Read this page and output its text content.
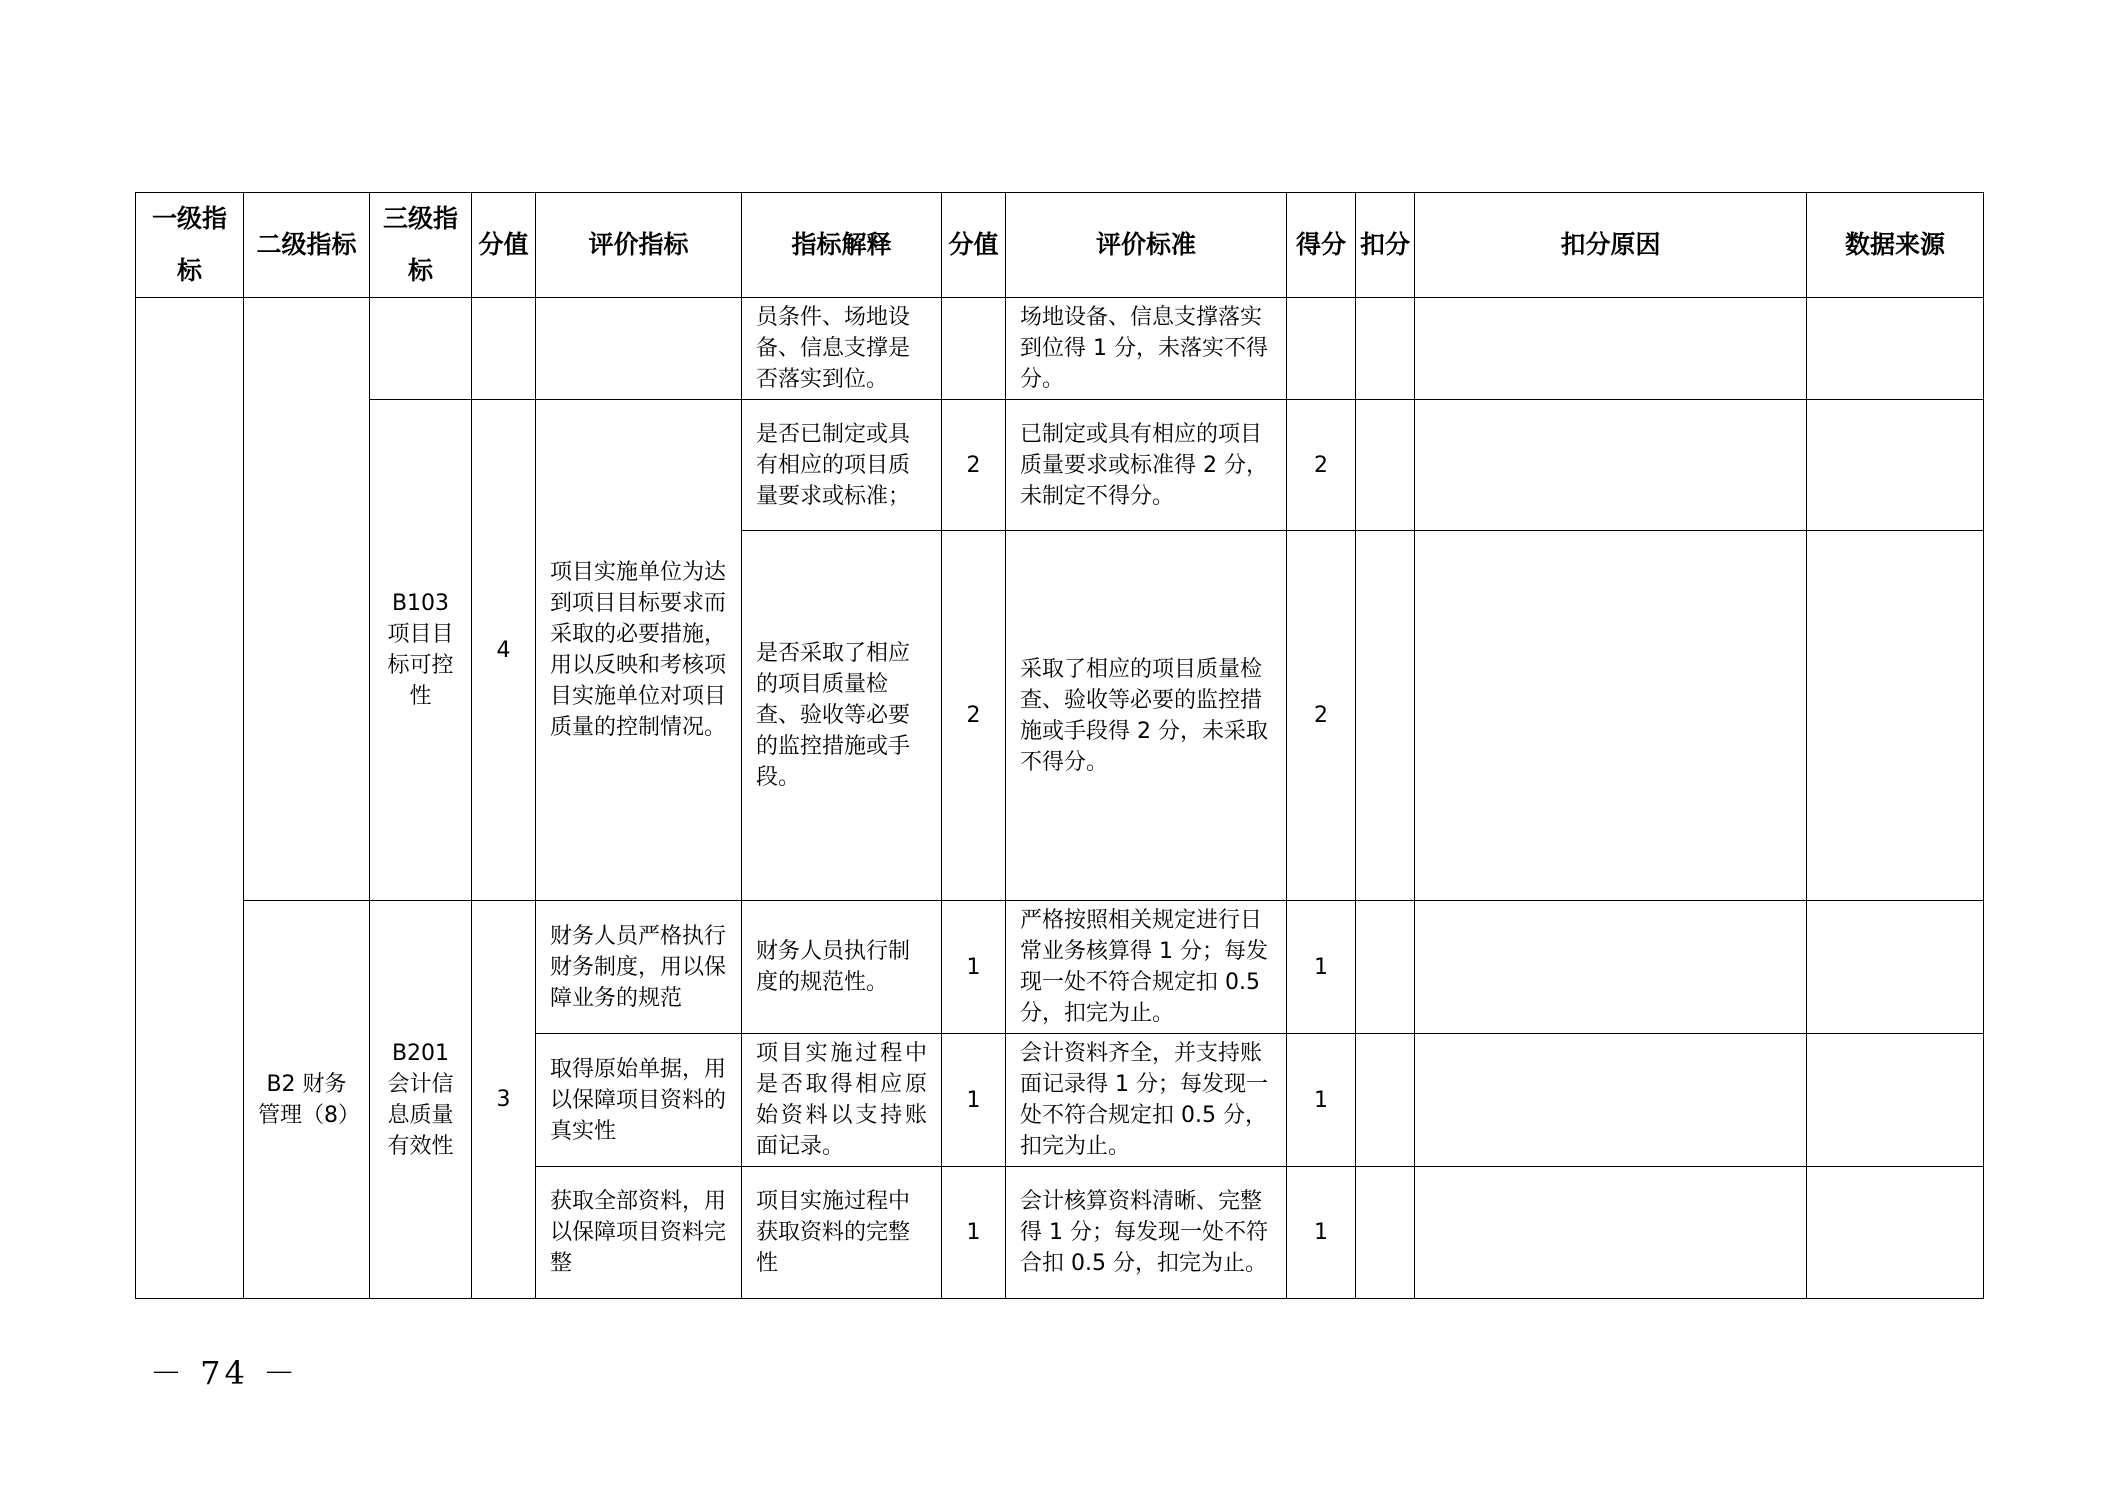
一级指标	二级指标	三级指标	分值	评价指标	指标解释	分值	评价标准	得分	扣分	扣分原因	数据来源
					员条件、场地设备、信息支撑是否落实到位。		场地设备、信息支撑落实到位得 1 分，未落实不得分。				
		B103项目目标可控性	4	项目实施单位为达到项目目标要求而采取的必要措施，用以反映和考核项目实施单位对项目质量的控制情况。	是否已制定或具有相应的项目质量要求或标准；	2	已制定或具有相应的项目质量要求或标准得 2 分，未制定不得分。	2			
					是否采取了相应的项目质量检查、验收等必要的监控措施或手段。	2	采取了相应的项目质量检查、验收等必要的监控措施或手段得 2 分，未采取不得分。	2			
	B2 财务管理（8）	B201会计信息质量有效性	3	财务人员严格执行财务制度，用以保障业务的规范	财务人员执行制度的规范性。	1	严格按照相关规定进行日常业务核算得 1 分；每发现一处不符合规定扣 0.5 分，扣完为止。	1			
				取得原始单据，用以保障项目资料的真实性	项目实施过程中是否取得相应原始资料以支持账面记录。	1	会计资料齐全，并支持账面记录得 1 分；每发现一处不符合规定扣 0.5 分，扣完为止。	1			
				获取全部资料，用以保障项目资料完整	项目实施过程中获取资料的完整性	1	会计核算资料清晰、完整得 1 分；每发现一处不符合扣 0.5 分，扣完为止。	1			
－ 74 －
